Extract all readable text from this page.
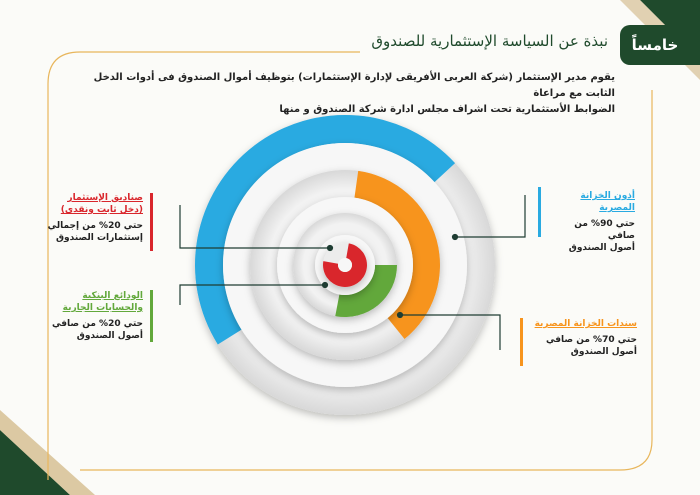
خامساً
نبذة عن السياسة الإستثمارية للصندوق
يقوم مدير الإستثمار (شركة العربى الأفريقى لإدارة الإستثمارات) بتوظيف أموال الصندوق فى أدوات الدخل الثابت مع مراعاة
الضوابط الأستثمارية تحت اشراف مجلس ادارة شركة الصندوق و منها
صناديق الإستثمار
(دخل ثابت ونقدى)
حتي 20% من إجمالي
إستثمارات الصندوق
الودائع البنكية
والحسابات الجارية
حتي 20% من صافي
أصول الصندوق
أذون الخزانة المصرية
حتي 90% من صافي
أصول الصندوق
سندات الخزانة المصرية
حتي 70% من صافي
أصول الصندوق
